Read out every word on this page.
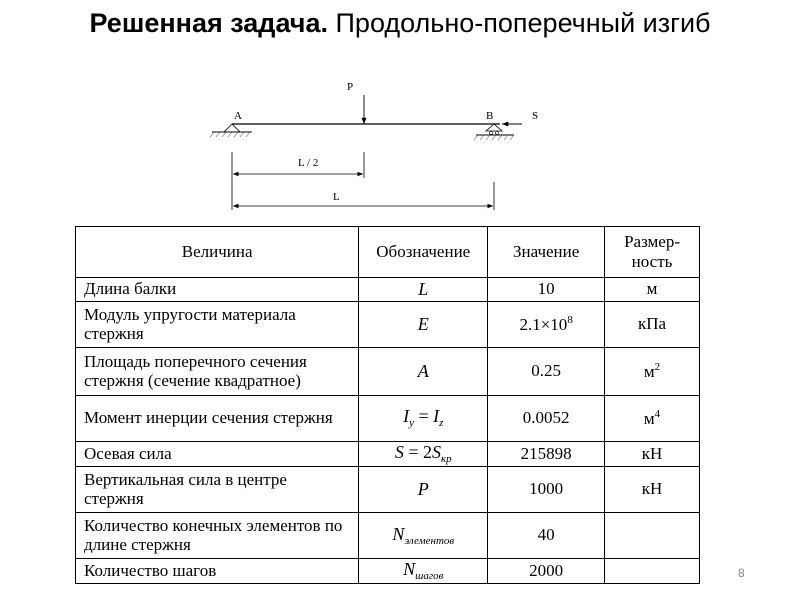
Решенная задача. Продольно-поперечный изгиб
P
A	B	S
L / 2
L
Величина	Обозначение	Значение	Размер-
ность
Длина балки	L	10	м
Модуль упругости материала стержня	E	$2.1\times 10^8$	кПа
Площадь поперечного сечения стержня (сечение квадратное)	A	0.25	$м^2$
Момент инерции сечения стержня	$I_y = I_z$	0.0052	$м^4$
Осевая сила	$S = 2S_{кр}$	215898	кН
Вертикальная сила в центре стержня	P	1000	кН
Количество конечных элементов по длине стержня	$N_{элементов}$	40	
Количество шагов	$N_{шагов}$	2000		8
